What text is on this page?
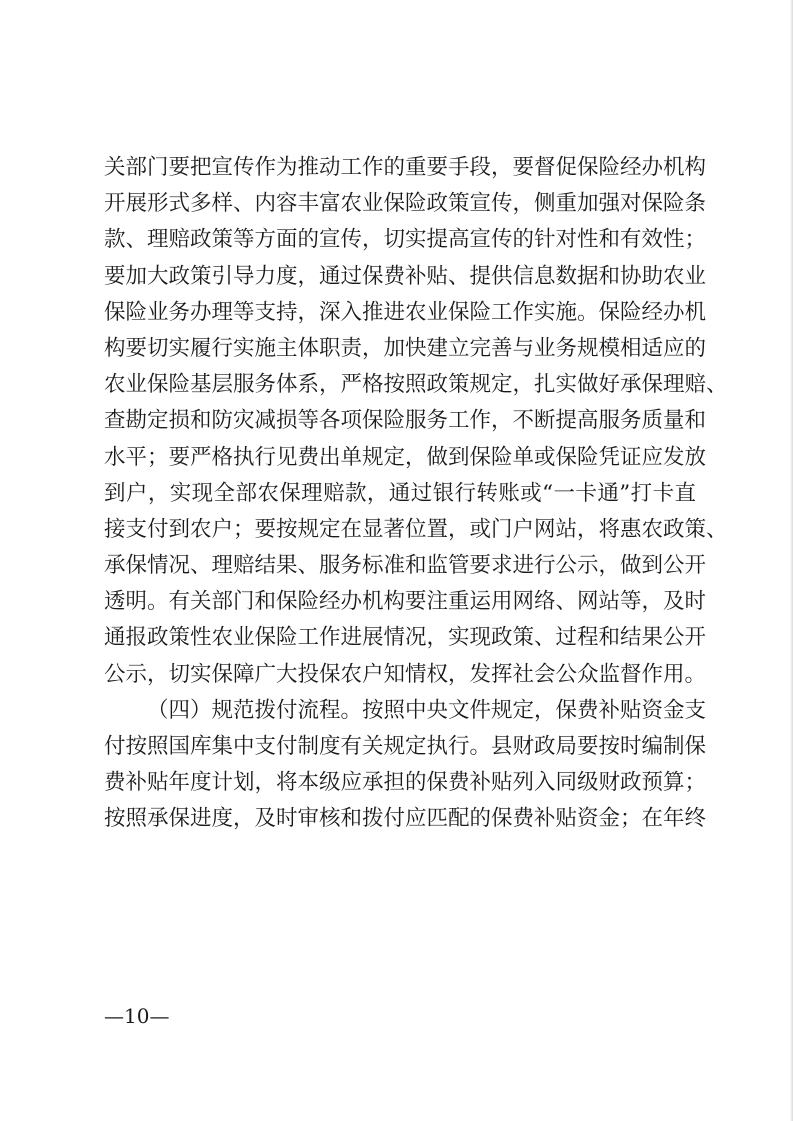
关部门要把宣传作为推动工作的重要手段，要督促保险经办机构
开展形式多样、内容丰富农业保险政策宣传，侧重加强对保险条
款、理赔政策等方面的宣传，切实提高宣传的针对性和有效性；
要加大政策引导力度，通过保费补贴、提供信息数据和协助农业
保险业务办理等支持，深入推进农业保险工作实施。保险经办机
构要切实履行实施主体职责，加快建立完善与业务规模相适应的
农业保险基层服务体系，严格按照政策规定，扎实做好承保理赔、
查勘定损和防灾减损等各项保险服务工作，不断提高服务质量和
水平；要严格执行见费出单规定，做到保险单或保险凭证应发放
到户，实现全部农保理赔款，通过银行转账或“一卡通”打卡直
接支付到农户；要按规定在显著位置，或门户网站，将惠农政策、
承保情况、理赔结果、服务标准和监管要求进行公示，做到公开
透明。有关部门和保险经办机构要注重运用网络、网站等，及时
通报政策性农业保险工作进展情况，实现政策、过程和结果公开
公示，切实保障广大投保农户知情权，发挥社会公众监督作用。
（四）规范拨付流程。按照中央文件规定，保费补贴资金支
付按照国库集中支付制度有关规定执行。县财政局要按时编制保
费补贴年度计划，将本级应承担的保费补贴列入同级财政预算；
按照承保进度，及时审核和拨付应匹配的保费补贴资金；在年终
—10—
